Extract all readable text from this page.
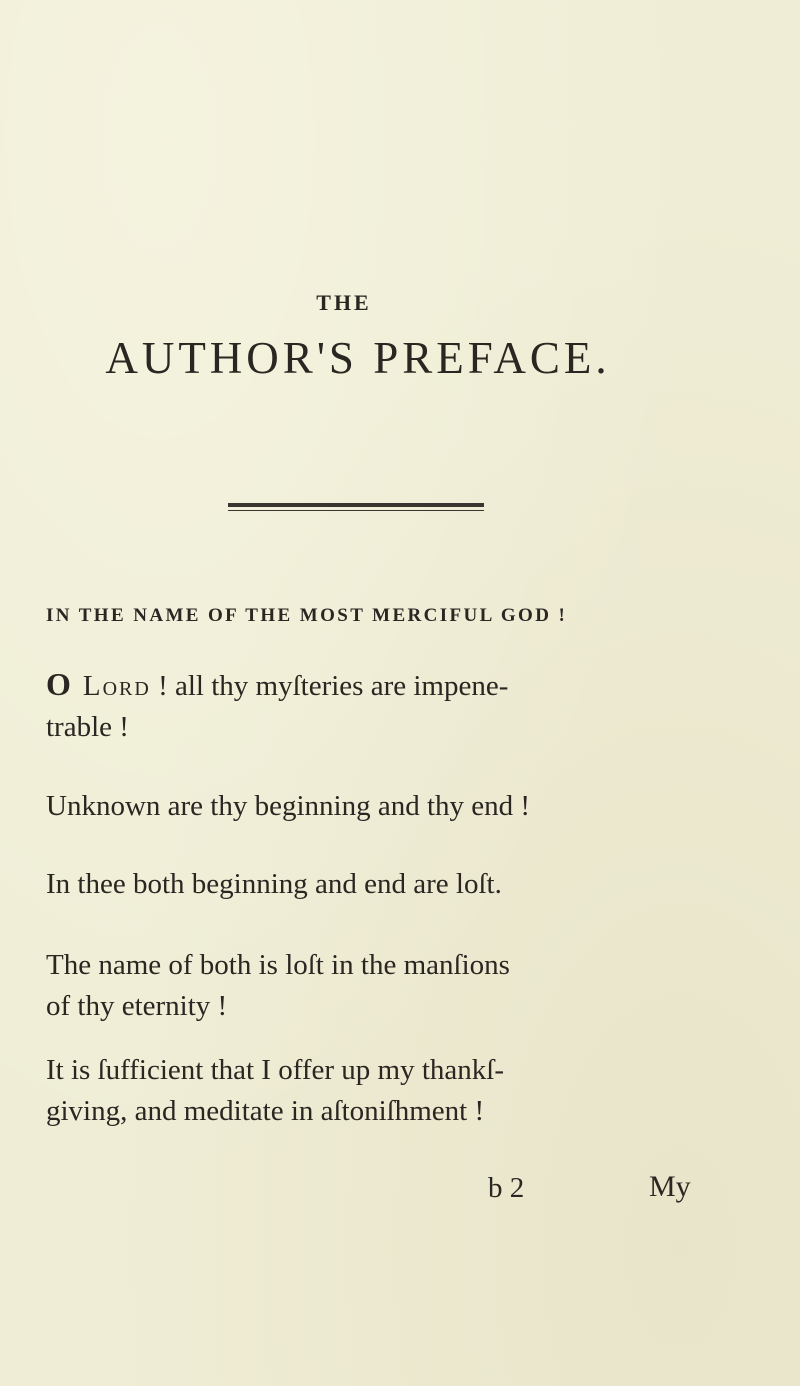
THE
AUTHOR'S PREFACE.
IN THE NAME OF THE MOST MERCIFUL GOD !
O Lord ! all thy myſteries are impene-
trable !
Unknown are thy beginning and thy end !
In thee both beginning and end are loſt.
The name of both is loſt in the manſions
of thy eternity !
It is ſufficient that I offer up my thankſ-
giving, and meditate in aſtoniſhment !
b 2	My
